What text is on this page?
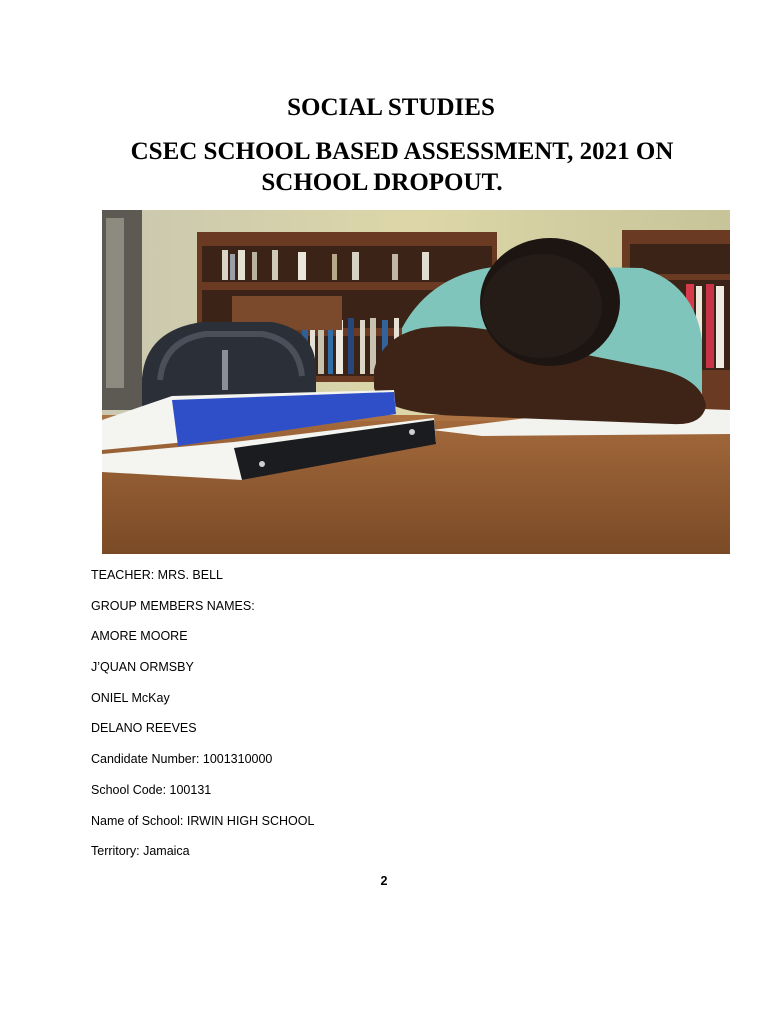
SOCIAL STUDIES
CSEC SCHOOL BASED ASSESSMENT, 2021 ON
SCHOOL DROPOUT.

TEACHER: MRS. BELL

GROUP MEMBERS NAMES:

AMORE MOORE

J’QUAN ORMSBY

ONIEL McKay

DELANO REEVES

Candidate Number: 1001310000

School Code: 100131

Name of School: IRWIN HIGH SCHOOL

Territory: Jamaica

2
